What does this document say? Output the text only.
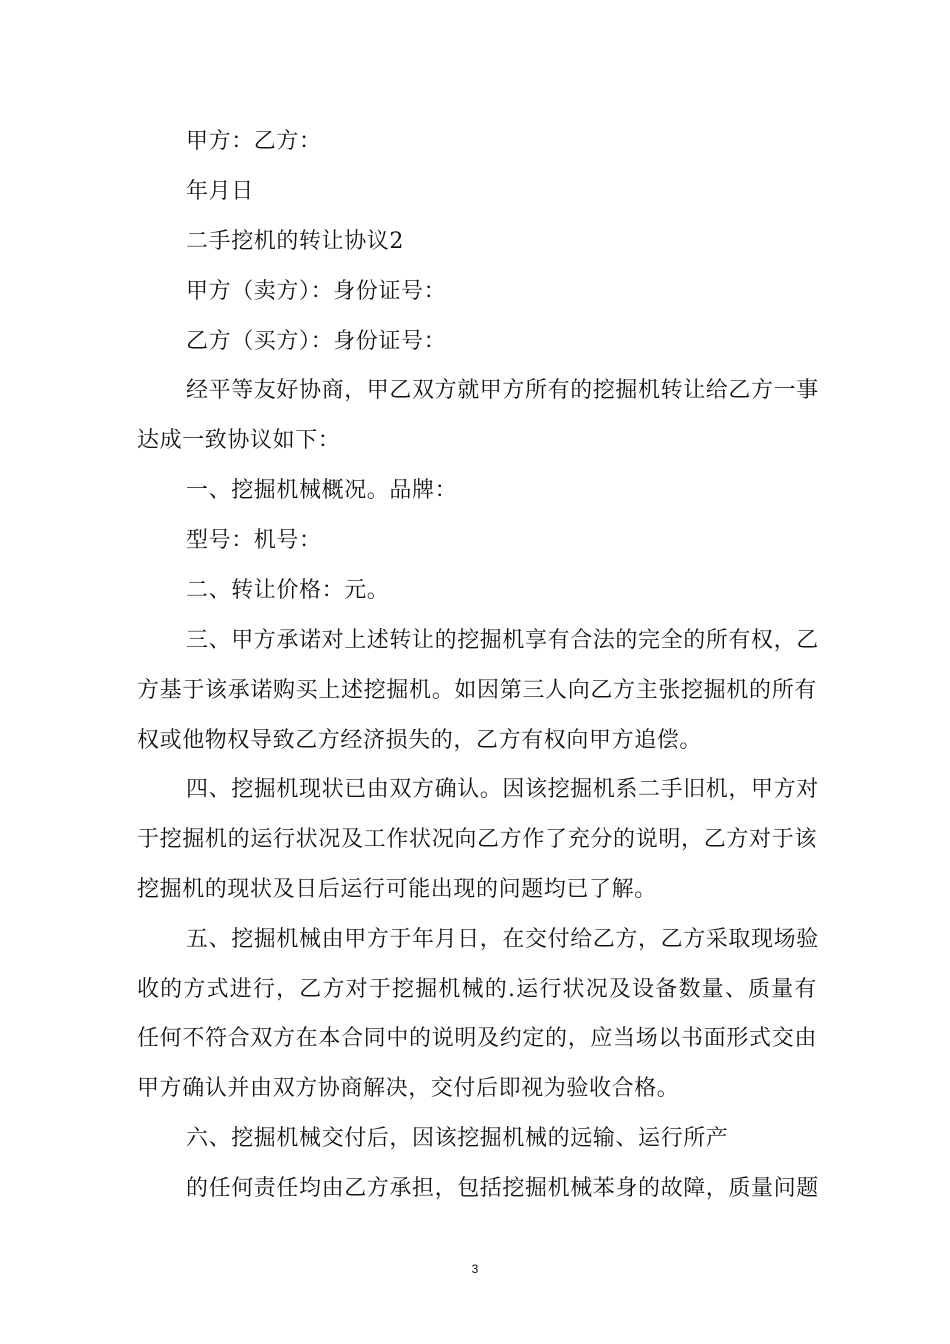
甲方：乙方：
年月日
二手挖机的转让协议2
甲方（卖方）：身份证号：
乙方（买方）：身份证号：
经平等友好协商，甲乙双方就甲方所有的挖掘机转让给乙方一事
达成一致协议如下：
一、挖掘机械概况。品牌：
型号：机号：
二、转让价格：元。
三、甲方承诺对上述转让的挖掘机享有合法的完全的所有权，乙
方基于该承诺购买上述挖掘机。如因第三人向乙方主张挖掘机的所有
权或他物权导致乙方经济损失的，乙方有权向甲方追偿。
四、挖掘机现状已由双方确认。因该挖掘机系二手旧机，甲方对
于挖掘机的运行状况及工作状况向乙方作了充分的说明，乙方对于该
挖掘机的现状及日后运行可能出现的问题均已了解。
五、挖掘机械由甲方于年月日，在交付给乙方，乙方采取现场验
收的方式进行，乙方对于挖掘机械的.运行状况及设备数量、质量有
任何不符合双方在本合同中的说明及约定的，应当场以书面形式交由
甲方确认并由双方协商解决，交付后即视为验收合格。
六、挖掘机械交付后，因该挖掘机械的远输、运行所产
的任何责任均由乙方承担，包括挖掘机械苯身的故障，质量问题
3
